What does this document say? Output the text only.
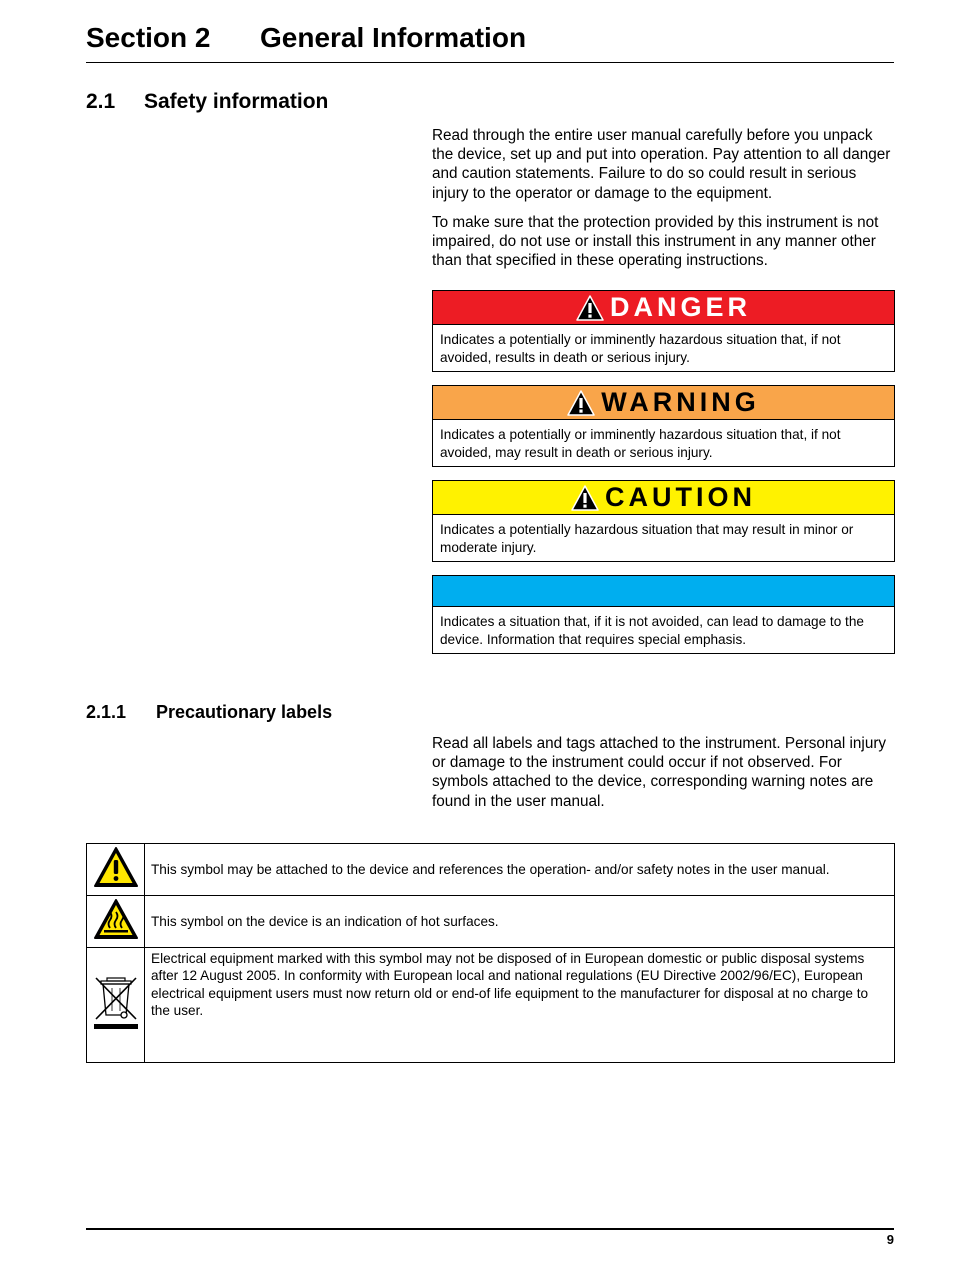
Section 2 General Information
2.1 Safety information

Read through the entire user manual carefully before you unpack the device, set up and put into operation. Pay attention to all danger and caution statements. Failure to do so could result in serious injury to the operator or damage to the equipment.

To make sure that the protection provided by this instrument is not impaired, do not use or install this instrument in any manner other than that specified in these operating instructions.

DANGER

Indicates a potentially or imminently hazardous situation that, if not avoided, results in death or serious injury.

WARNING

Indicates a potentially or imminently hazardous situation that, if not avoided, may result in death or serious injury.

CAUTION

Indicates a potentially hazardous situation that may result in minor or moderate injury.

Indicates a situation that, if it is not avoided, can lead to damage to the device. Information that requires special emphasis.

2.1.1 Precautionary labels

Read all labels and tags attached to the instrument. Personal injury or damage to the instrument could occur if not observed. For symbols attached to the device, corresponding warning notes are found in the user manual.

	This symbol may be attached to the device and references the operation- and/or safety notes in the user manual.
	This symbol on the device is an indication of hot surfaces.
	Electrical equipment marked with this symbol may not be disposed of in European domestic or public disposal systems after 12 August 2005. In conformity with European local and national regulations (EU Directive 2002/96/EC), European electrical equipment users must now return old or end-of life equipment to the manufacturer for disposal at no charge to the user.
9
